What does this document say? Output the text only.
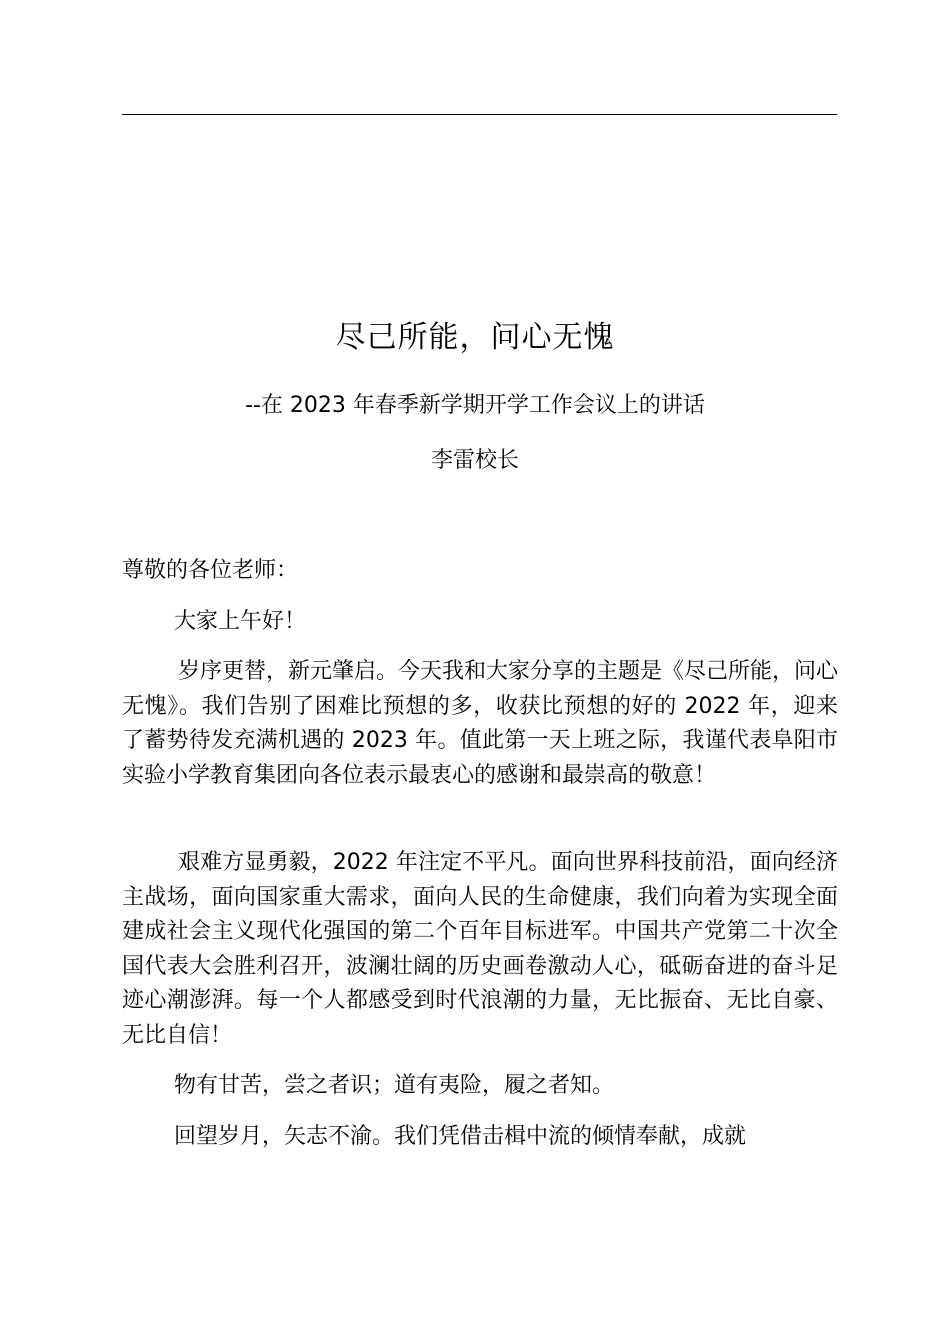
尽己所能，问心无愧
--在 2023 年春季新学期开学工作会议上的讲话
李雷校长

尊敬的各位老师：

大家上午好！

岁序更替，新元肇启。今天我和大家分享的主题是《尽己所能，问心无愧》。我们告别了困难比预想的多，收获比预想的好的 2022 年，迎来了蓄势待发充满机遇的 2023 年。值此第一天上班之际，我谨代表阜阳市实验小学教育集团向各位表示最衷心的感谢和最崇高的敬意！

艰难方显勇毅，2022 年注定不平凡。面向世界科技前沿，面向经济主战场，面向国家重大需求，面向人民的生命健康，我们向着为实现全面建成社会主义现代化强国的第二个百年目标进军。中国共产党第二十次全国代表大会胜利召开，波澜壮阔的历史画卷激动人心，砥砺奋进的奋斗足迹心潮澎湃。每一个人都感受到时代浪潮的力量，无比振奋、无比自豪、无比自信！

物有甘苦，尝之者识；道有夷险，履之者知。

回望岁月，矢志不渝。我们凭借击楫中流的倾情奉献，成就
